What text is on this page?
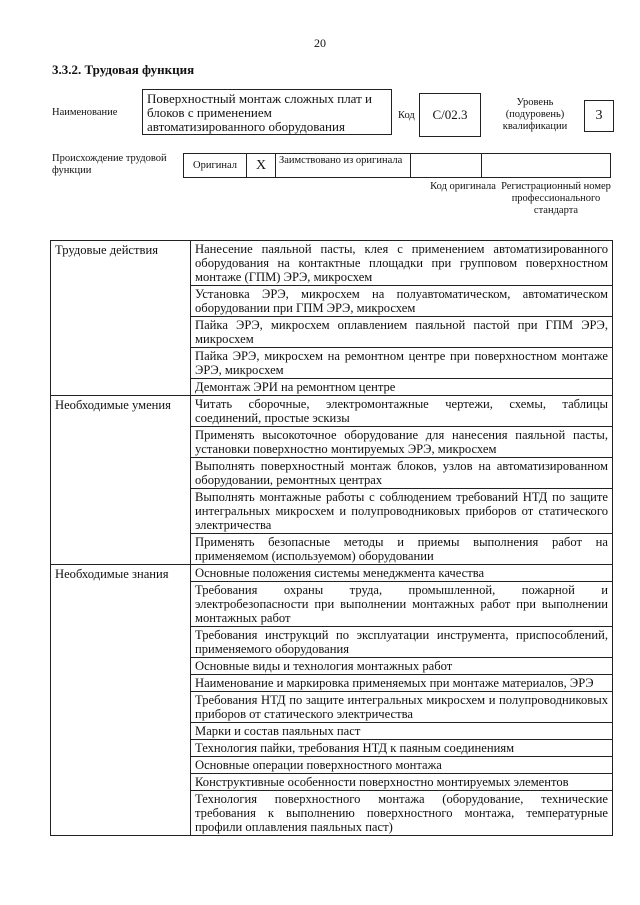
20
3.3.2. Трудовая функция
Наименование
Поверхностный монтаж сложных плат и блоков с применением автоматизированного оборудования
Код	C/02.3
Уровень (подуровень) квалификации
3
Происхождение трудовой функции	Оригинал	X	Заимствовано из оригинала
Код оригинала Регистрационный номер профессионального стандарта
Трудовые действия	Нанесение паяльной пасты, клея с применением автоматизированного оборудования на контактные площадки при групповом поверхностном монтаже (ГПМ) ЭРЭ, микросхем
	Установка ЭРЭ, микросхем на полуавтоматическом, автоматическом оборудовании при ГПМ ЭРЭ, микросхем
	Пайка ЭРЭ, микросхем оплавлением паяльной пастой при ГПМ ЭРЭ, микросхем
	Пайка ЭРЭ, микросхем на ремонтном центре при поверхностном монтаже ЭРЭ, микросхем
	Демонтаж ЭРИ на ремонтном центре
Необходимые умения	Читать сборочные, электромонтажные чертежи, схемы, таблицы соединений, простые эскизы
	Применять высокоточное оборудование для нанесения паяльной пасты, установки поверхностно монтируемых ЭРЭ, микросхем
	Выполнять поверхностный монтаж блоков, узлов на автоматизированном оборудовании, ремонтных центрах
	Выполнять монтажные работы с соблюдением требований НТД по защите интегральных микросхем и полупроводниковых приборов от статического электричества
	Применять безопасные методы и приемы выполнения работ на применяемом (используемом) оборудовании
Необходимые знания	Основные положения системы менеджмента качества
	Требования охраны труда, промышленной, пожарной и электробезопасности при выполнении монтажных работ при выполнении монтажных работ
	Требования инструкций по эксплуатации инструмента, приспособлений, применяемого оборудования
	Основные виды и технология монтажных работ
	Наименование и маркировка применяемых при монтаже материалов, ЭРЭ
	Требования НТД по защите интегральных микросхем и полупроводниковых приборов от статического электричества
	Марки и состав паяльных паст
	Технология пайки, требования НТД к паяным соединениям
	Основные операции поверхностного монтажа
	Конструктивные особенности поверхностно монтируемых элементов
	Технология поверхностного монтажа (оборудование, технические требования к выполнению поверхностного монтажа, температурные профили оплавления паяльных паст)
